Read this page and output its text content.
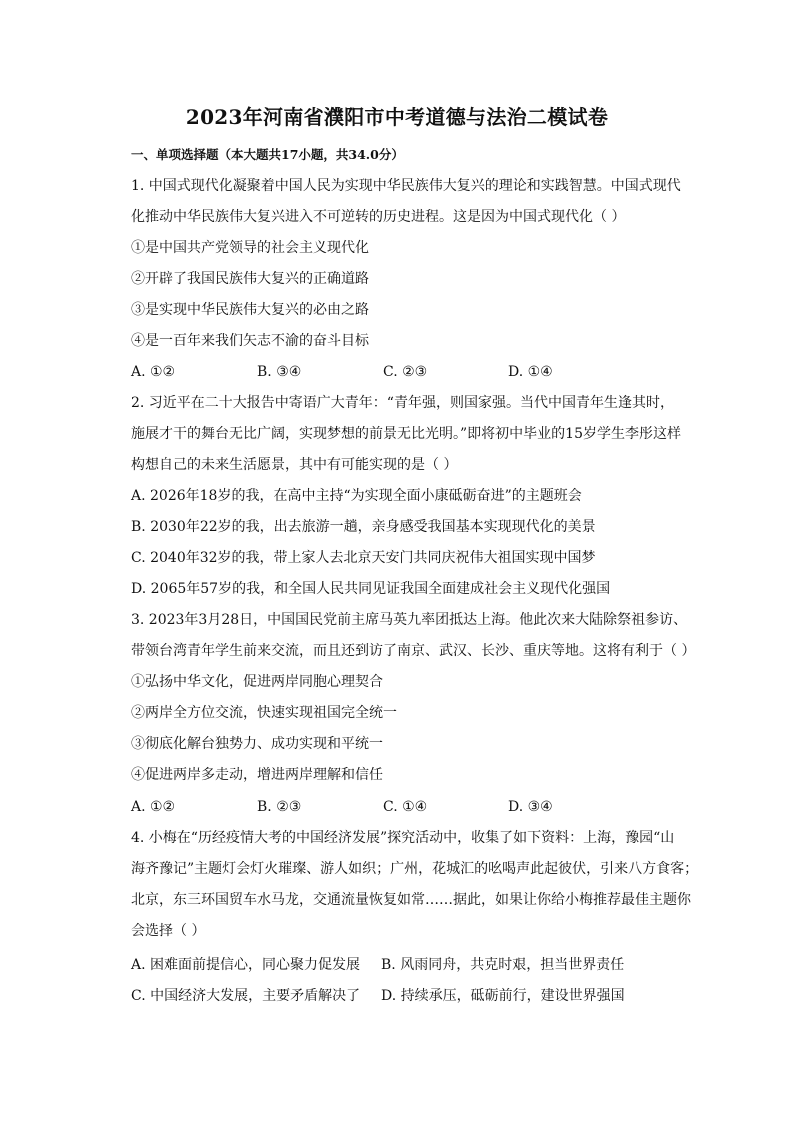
2023年河南省濮阳市中考道德与法治二模试卷
一、单项选择题（本大题共17小题，共34.0分）
1. 中国式现代化凝聚着中国人民为实现中华民族伟大复兴的理论和实践智慧。中国式现代
化推动中华民族伟大复兴进入不可逆转的历史进程。这是因为中国式现代化（ ）
①是中国共产党领导的社会主义现代化
②开辟了我国民族伟大复兴的正确道路
③是实现中华民族伟大复兴的必由之路
④是一百年来我们矢志不渝的奋斗目标
A. ①②	B. ③④	C. ②③	D. ①④
2. 习近平在二十大报告中寄语广大青年：“青年强，则国家强。当代中国青年生逢其时，
施展才干的舞台无比广阔，实现梦想的前景无比光明。”即将初中毕业的15岁学生李彤这样
构想自己的未来生活愿景，其中有可能实现的是（ ）
A. 2026年18岁的我，在高中主持“为实现全面小康砥砺奋进”的主题班会
B. 2030年22岁的我，出去旅游一趟，亲身感受我国基本实现现代化的美景
C. 2040年32岁的我，带上家人去北京天安门共同庆祝伟大祖国实现中国梦
D. 2065年57岁的我，和全国人民共同见证我国全面建成社会主义现代化强国
3. 2023年3月28日，中国国民党前主席马英九率团抵达上海。他此次来大陆除祭祖参访、
带领台湾青年学生前来交流，而且还到访了南京、武汉、长沙、重庆等地。这将有利于（ ）
①弘扬中华文化，促进两岸同胞心理契合
②两岸全方位交流，快速实现祖国完全统一
③彻底化解台独势力、成功实现和平统一
④促进两岸多走动，增进两岸理解和信任
A. ①②	B. ②③	C. ①④	D. ③④
4. 小梅在“历经疫情大考的中国经济发展”探究活动中，收集了如下资料：上海，豫园“山
海齐豫记”主题灯会灯火璀璨、游人如织；广州，花城汇的吆喝声此起彼伏，引来八方食客；
北京，东三环国贸车水马龙，交通流量恢复如常……据此，如果让你给小梅推荐最佳主题你
会选择（ ）
A. 困难面前提信心，同心聚力促发展 B. 风雨同舟，共克时艰，担当世界责任
C. 中国经济大发展，主要矛盾解决了 D. 持续承压，砥砺前行，建设世界强国
